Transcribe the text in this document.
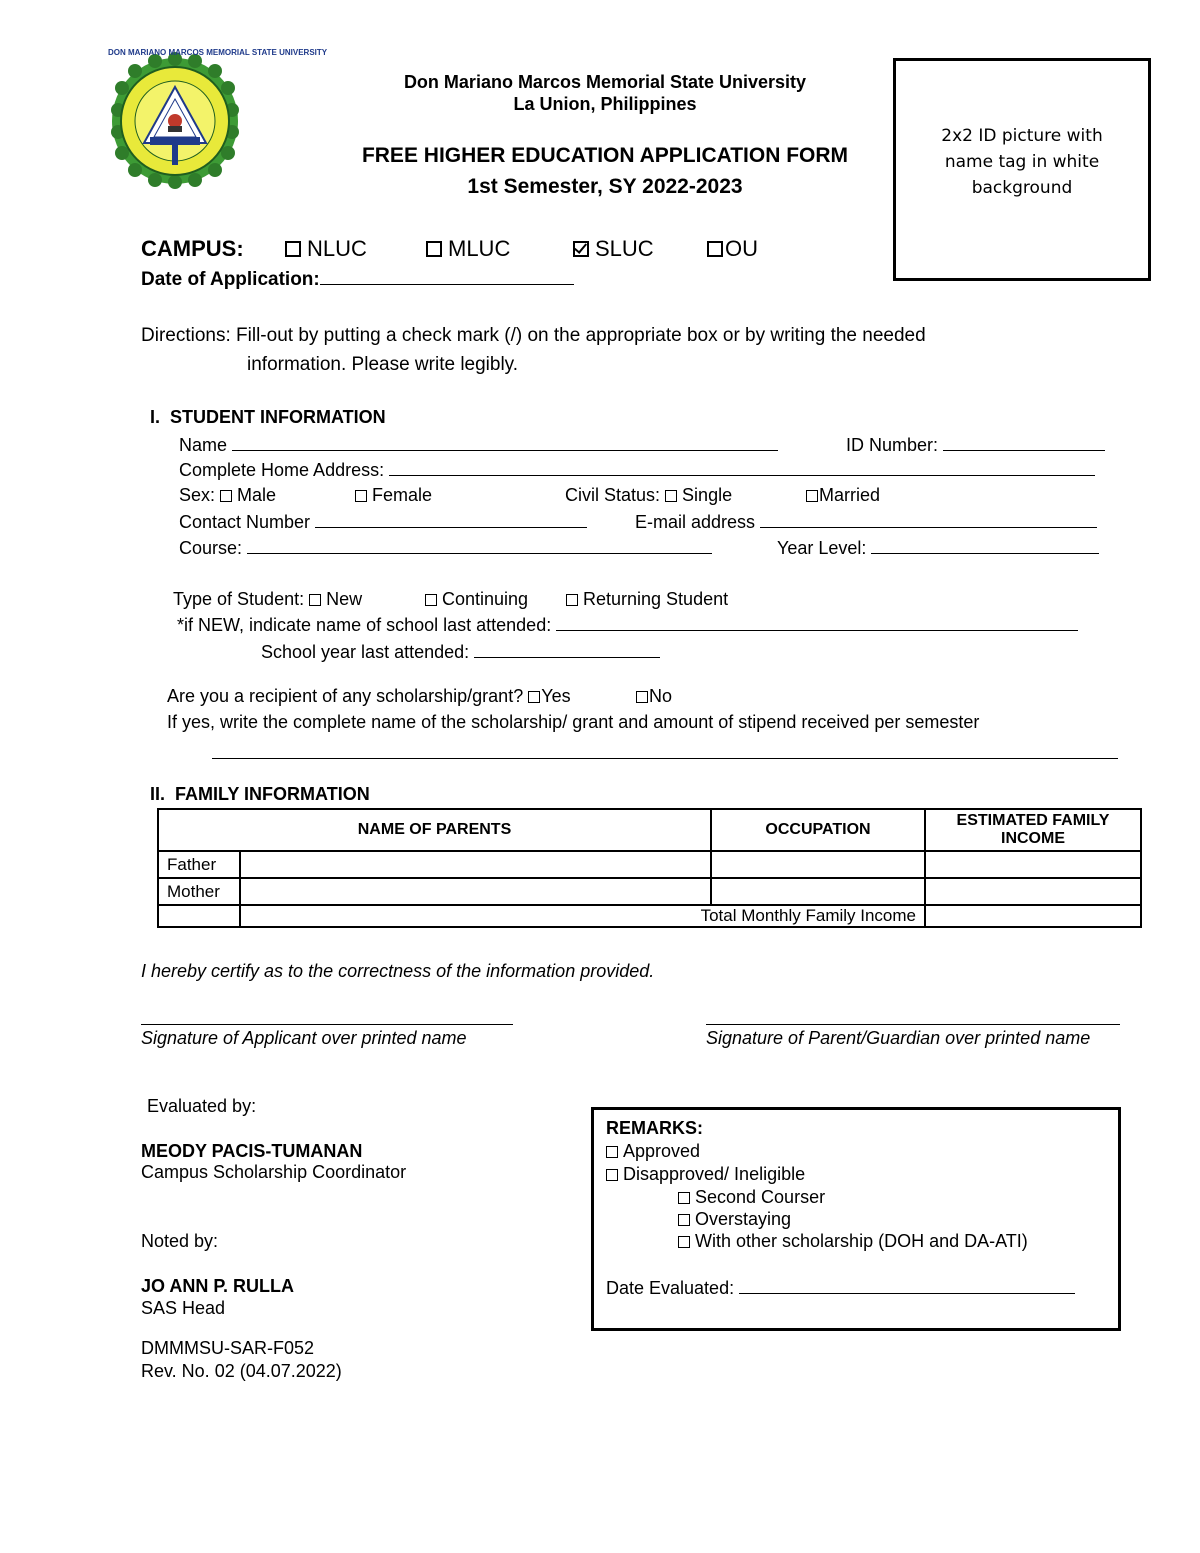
DON MARIANO MARCOS MEMORIAL STATE UNIVERSITY
Don Mariano Marcos Memorial State University
La Union, Philippines
FREE HIGHER EDUCATION APPLICATION FORM
1st Semester, SY 2022-2023
2x2 ID picture with
name tag in white
background
CAMPUS:	NLUC	MLUC	SLUC	OU
Date of Application:
Directions: Fill-out by putting a check mark (/) on the appropriate box or by writing the needed
information. Please write legibly.
I. STUDENT INFORMATION
Name	ID Number:
Complete Home Address:
Sex: Male	Female	Civil Status: Single	Married
Contact Number	E-mail address
Course:	Year Level:
Type of Student: New	Continuing	Returning Student
*if NEW, indicate name of school last attended:
School year last attended:
Are you a recipient of any scholarship/grant? Yes	No
If yes, write the complete name of the scholarship/ grant and amount of stipend received per semester
II. FAMILY INFORMATION
NAME OF PARENTS		OCCUPATION	ESTIMATED FAMILY
INCOME
Father			
Mother			
	Total Monthly Family Income		
I hereby certify as to the correctness of the information provided.
Signature of Applicant over printed name	Signature of Parent/Guardian over printed name
Evaluated by:
MEODY PACIS-TUMANAN
Campus Scholarship Coordinator
Noted by:
JO ANN P. RULLA
SAS Head
DMMMSU-SAR-F052
Rev. No. 02 (04.07.2022)
REMARKS:
Approved
Disapproved/ Ineligible
Second Courser
Overstaying
With other scholarship (DOH and DA-ATI)
Date Evaluated:
